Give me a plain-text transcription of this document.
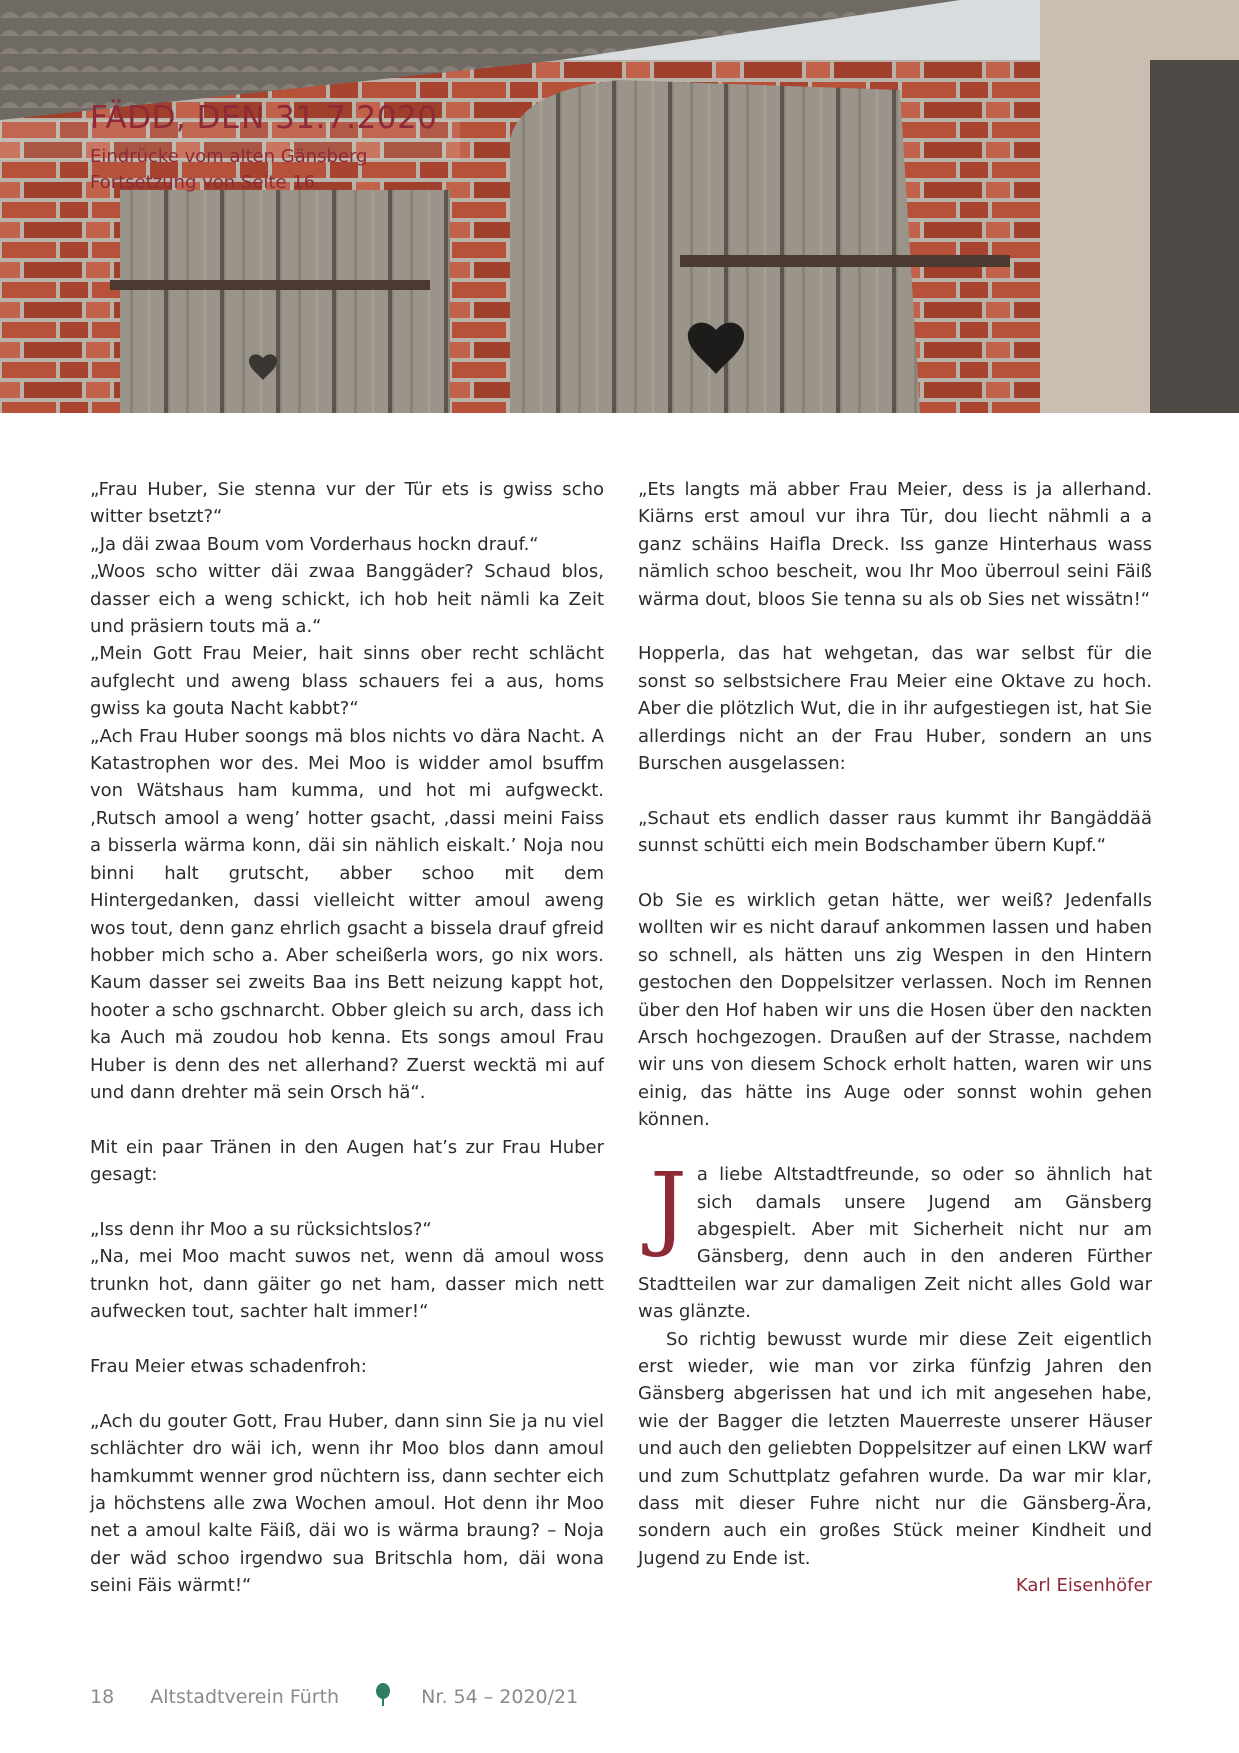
FÄDD, DEN 31.7.2020
Eindrücke vom alten Gänsberg
Fortsetzung von Seite 16

„Frau Huber, Sie stenna vur der Tür ets is gwiss scho witter bsetzt?“

„Ja däi zwaa Boum vom Vorderhaus hockn drauf.“

„Woos scho witter däi zwaa Banggäder? Schaud blos, dasser eich a weng schickt, ich hob heit nämli ka Zeit und präsiern touts mä a.“

„Mein Gott Frau Meier, hait sinns ober recht schlächt aufglecht und aweng blass schauers fei a aus, homs gwiss ka gouta Nacht kabbt?“

„Ach Frau Huber soongs mä blos nichts vo dära Nacht. A Katastrophen wor des. Mei Moo is widder amol bsuffm von Wätshaus ham kumma, und hot mi aufgweckt. ‚Rutsch amool a weng’ hotter gsacht, ‚dassi meini Faiss a bisserla wärma konn, däi sin nählich eiskalt.’ Noja nou binni halt grutscht, abber schoo mit dem Hintergedanken, dassi vielleicht witter amoul aweng wos tout, denn ganz ehrlich gsacht a bissela drauf gfreid hobber mich scho a. Aber scheißerla wors, go nix wors. Kaum dasser sei zweits Baa ins Bett neizung kappt hot, hooter a scho gschnarcht. Obber gleich su arch, dass ich ka Auch mä zoudou hob kenna. Ets songs amoul Frau Huber is denn des net allerhand? Zuerst wecktä mi auf und dann drehter mä sein Orsch hä“.

Mit ein paar Tränen in den Augen hat’s zur Frau Huber gesagt:

„Iss denn ihr Moo a su rücksichtslos?“

„Na, mei Moo macht suwos net, wenn dä amoul woss trunkn hot, dann gäiter go net ham, dasser mich nett aufwecken tout, sachter halt immer!“

Frau Meier etwas schadenfroh:

„Ach du gouter Gott, Frau Huber, dann sinn Sie ja nu viel schlächter dro wäi ich, wenn ihr Moo blos dann amoul hamkummt wenner grod nüchtern iss, dann sechter eich ja höchstens alle zwa Wochen amoul. Hot denn ihr Moo net a amoul kalte Fäiß, däi wo is wärma braung? – Noja der wäd schoo irgendwo sua Britschla hom, däi wona seini Fäis wärmt!“

„Ets langts mä abber Frau Meier, dess is ja allerhand. Kiärns erst amoul vur ihra Tür, dou liecht nähmli a a ganz schäins Haifla Dreck. Iss ganze Hinterhaus wass nämlich schoo bescheit, wou Ihr Moo überroul seini Fäiß wärma dout, bloos Sie tenna su als ob Sies net wissätn!“

Hopperla, das hat wehgetan, das war selbst für die sonst so selbstsichere Frau Meier eine Oktave zu hoch. Aber die plötzlich Wut, die in ihr aufgestiegen ist, hat Sie allerdings nicht an der Frau Huber, sondern an uns Burschen ausgelassen:

„Schaut ets endlich dasser raus kummt ihr Bangäddää sunnst schütti eich mein Bodschamber übern Kupf.“

Ob Sie es wirklich getan hätte, wer weiß? Jedenfalls wollten wir es nicht darauf ankommen lassen und haben so schnell, als hätten uns zig Wespen in den Hintern gestochen den Doppelsitzer verlassen. Noch im Rennen über den Hof haben wir uns die Hosen über den nackten Arsch hochgezogen. Draußen auf der Strasse, nachdem wir uns von diesem Schock erholt hatten, waren wir uns einig, das hätte ins Auge oder sonnst wohin gehen können.

J a liebe Altstadtfreunde, so oder so ähnlich hat sich damals unsere Jugend am Gänsberg abgespielt. Aber mit Sicherheit nicht nur am Gänsberg, denn auch in den anderen Fürther Stadtteilen war zur damaligen Zeit nicht alles Gold war was glänzte.

So richtig bewusst wurde mir diese Zeit eigentlich erst wieder, wie man vor zirka fünfzig Jahren den Gänsberg abgerissen hat und ich mit angesehen habe, wie der Bagger die letzten Mauerreste unserer Häuser und auch den geliebten Doppelsitzer auf einen LKW warf und zum Schuttplatz gefahren wurde. Da war mir klar, dass mit dieser Fuhre nicht nur die Gänsberg-Ära, sondern auch ein großes Stück meiner Kindheit und Jugend zu Ende ist.

Karl Eisenhöfer

18 Altstadtverein Fürth	Nr. 54 – 2020/21
